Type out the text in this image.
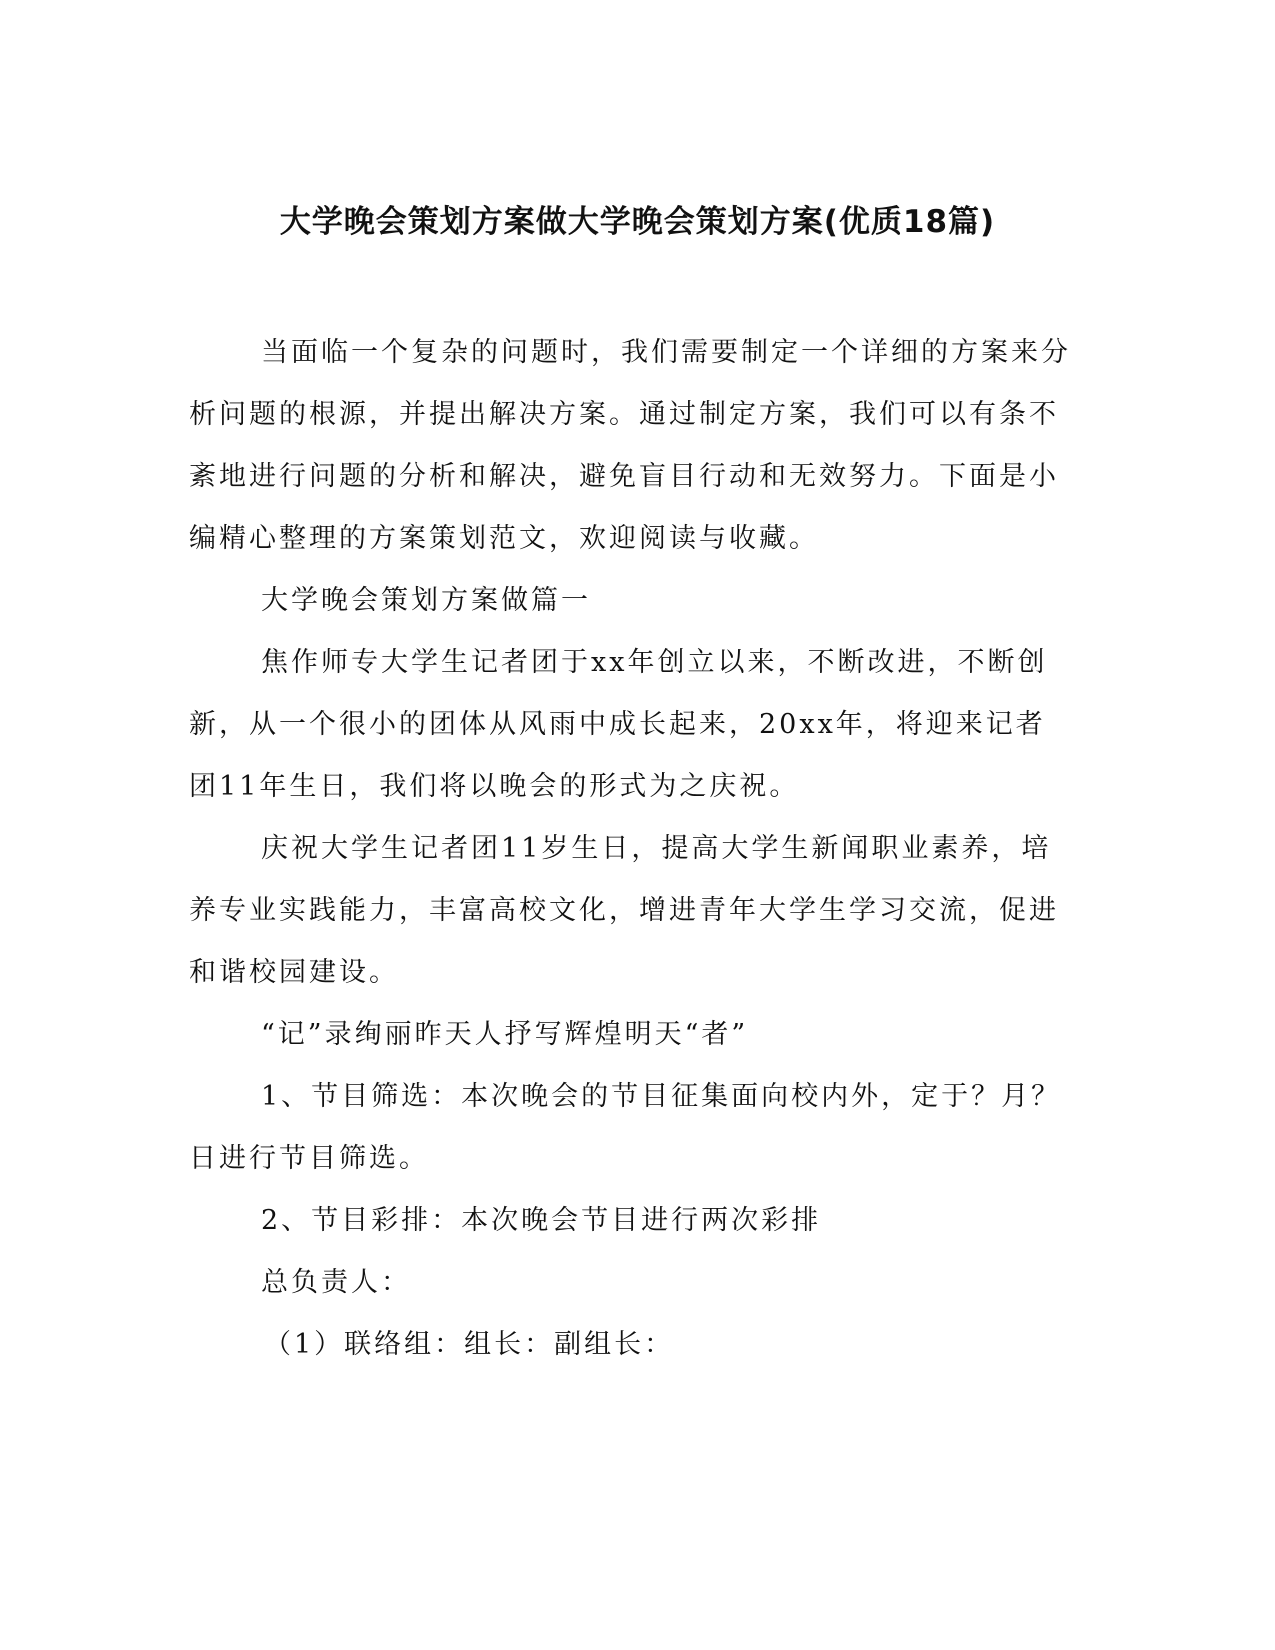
大学晚会策划方案做大学晚会策划方案(优质18篇)

当面临一个复杂的问题时，我们需要制定一个详细的方案来分析问题的根源，并提出解决方案。通过制定方案，我们可以有条不紊地进行问题的分析和解决，避免盲目行动和无效努力。下面是小编精心整理的方案策划范文，欢迎阅读与收藏。

大学晚会策划方案做篇一

焦作师专大学生记者团于xx年创立以来，不断改进，不断创新，从一个很小的团体从风雨中成长起来，20xx年，将迎来记者团11年生日，我们将以晚会的形式为之庆祝。

庆祝大学生记者团11岁生日，提高大学生新闻职业素养，培养专业实践能力，丰富高校文化，增进青年大学生学习交流，促进和谐校园建设。

“记”录绚丽昨天人抒写辉煌明天“者”

1、节目筛选：本次晚会的节目征集面向校内外，定于？月？日进行节目筛选。

2、节目彩排：本次晚会节目进行两次彩排

总负责人：

（1）联络组：组长：副组长：
